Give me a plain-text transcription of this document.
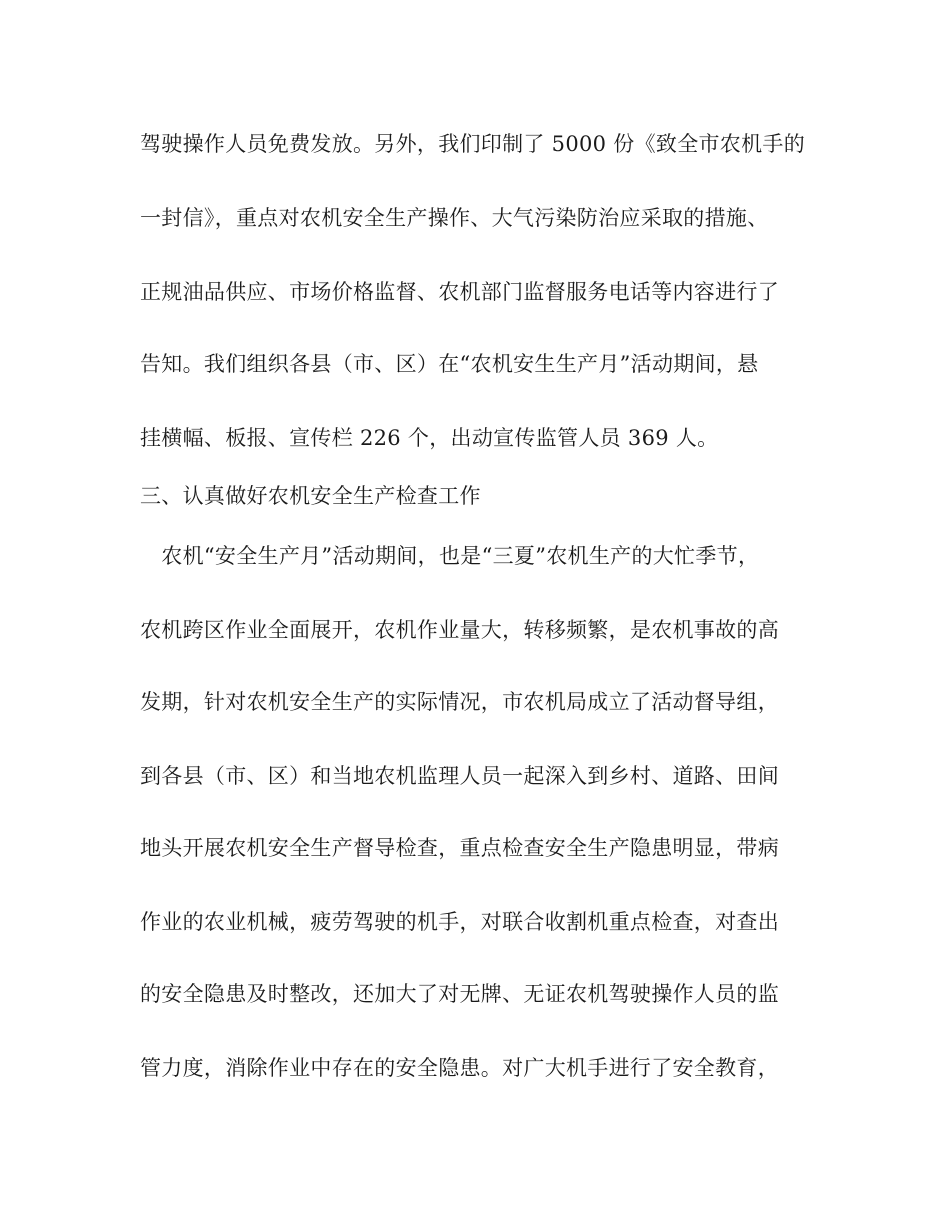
驾驶操作人员免费发放。另外，我们印制了 5000 份《致全市农机手的
一封信》，重点对农机安全生产操作、大气污染防治应采取的措施、
正规油品供应、市场价格监督、农机部门监督服务电话等内容进行了
告知。我们组织各县（市、区）在“农机安生生产月”活动期间，悬
挂横幅、板报、宣传栏 226 个，出动宣传监管人员 369 人。
三、认真做好农机安全生产检查工作
　农机“安全生产月”活动期间，也是“三夏”农机生产的大忙季节，
农机跨区作业全面展开，农机作业量大，转移频繁，是农机事故的高
发期，针对农机安全生产的实际情况，市农机局成立了活动督导组，
到各县（市、区）和当地农机监理人员一起深入到乡村、道路、田间
地头开展农机安全生产督导检查，重点检查安全生产隐患明显，带病
作业的农业机械，疲劳驾驶的机手，对联合收割机重点检查，对查出
的安全隐患及时整改，还加大了对无牌、无证农机驾驶操作人员的监
管力度，消除作业中存在的安全隐患。对广大机手进行了安全教育，
